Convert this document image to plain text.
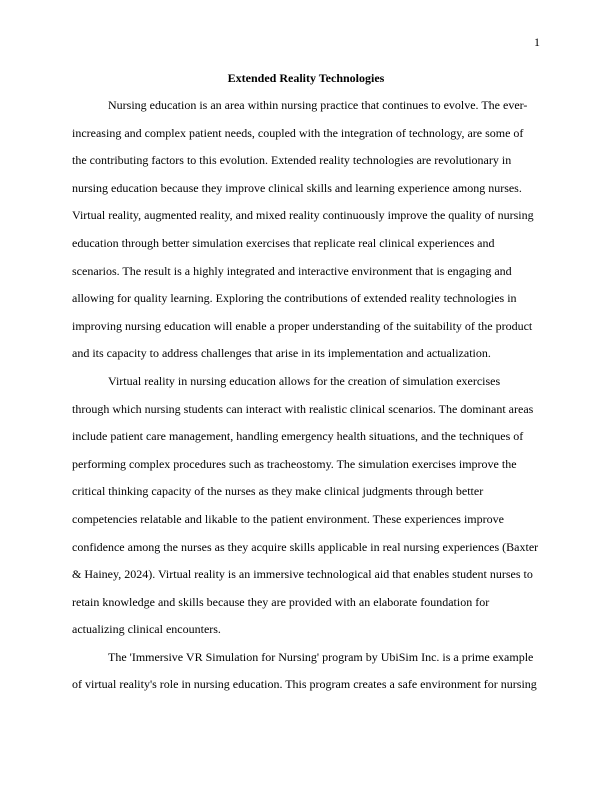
1
Extended Reality Technologies
Nursing education is an area within nursing practice that continues to evolve. The ever-
increasing and complex patient needs, coupled with the integration of technology, are some of
the contributing factors to this evolution. Extended reality technologies are revolutionary in
nursing education because they improve clinical skills and learning experience among nurses.
Virtual reality, augmented reality, and mixed reality continuously improve the quality of nursing
education through better simulation exercises that replicate real clinical experiences and
scenarios. The result is a highly integrated and interactive environment that is engaging and
allowing for quality learning. Exploring the contributions of extended reality technologies in
improving nursing education will enable a proper understanding of the suitability of the product
and its capacity to address challenges that arise in its implementation and actualization.
Virtual reality in nursing education allows for the creation of simulation exercises
through which nursing students can interact with realistic clinical scenarios. The dominant areas
include patient care management, handling emergency health situations, and the techniques of
performing complex procedures such as tracheostomy. The simulation exercises improve the
critical thinking capacity of the nurses as they make clinical judgments through better
competencies relatable and likable to the patient environment. These experiences improve
confidence among the nurses as they acquire skills applicable in real nursing experiences (Baxter
& Hainey, 2024). Virtual reality is an immersive technological aid that enables student nurses to
retain knowledge and skills because they are provided with an elaborate foundation for
actualizing clinical encounters.
The 'Immersive VR Simulation for Nursing' program by UbiSim Inc. is a prime example
of virtual reality's role in nursing education. This program creates a safe environment for nursing
